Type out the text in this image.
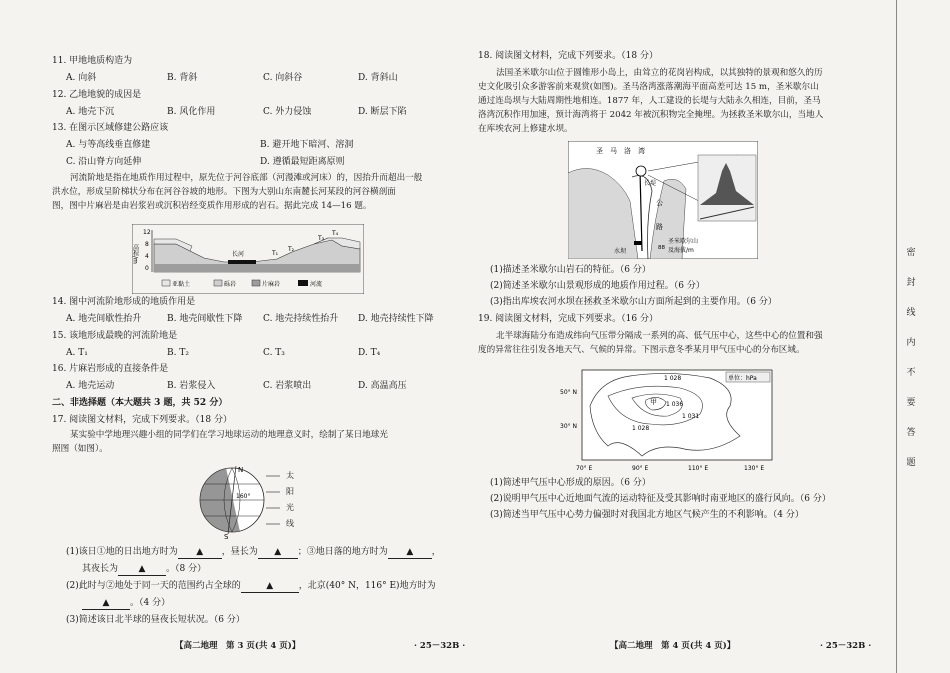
11. 甲地地质构造为
A. 向斜	B. 背斜	C. 向斜谷	D. 背斜山
12. 乙地地貌的成因是
A. 地壳下沉	B. 风化作用	C. 外力侵蚀	D. 断层下陷
13. 在图示区域修建公路应该
A. 与等高线垂直修建	B. 避开地下暗河、溶洞
C. 沿山脊方向延伸	D. 遵循最短距离原则
河流阶地是指在地质作用过程中，原先位于河谷底部（河漫滩或河床）的，因抬升而超出一般
洪水位，形成呈阶梯状分布在河谷谷坡的地形。下图为大别山东南麓长河某段的河谷横剖面
图，图中片麻岩是由岩浆岩或沉积岩经变质作用形成的岩石。据此完成 14—16 题。
12
8
4
0
高程/m	长河	T₁
T₂
T₃
T₄
亚黏土	砾岩	片麻岩	河流
14. 图中河流阶地形成的地质作用是
A. 地壳间歇性抬升	B. 地壳间歇性下降 C. 地壳持续性抬升 D. 地壳持续性下降
15. 该地形成最晚的河流阶地是
A. T₁	B. T₂	C. T₃	D. T₄
16. 片麻岩形成的直接条件是
A. 地壳运动	B. 岩浆侵入	C. 岩浆喷出	D. 高温高压
二、非选择题（本大题共 3 题，共 52 分）
17. 阅读图文材料，完成下列要求。（18 分）
某实验中学地理兴趣小组的同学们在学习地球运动的地理意义时，绘制了某日地球光
照图（如图）。
N
S
160°
太 阳 光 线
(1)该日①地的日出地方时为 ▲ ，昼长为 ▲ ；③地日落的地方时为 ▲ ，
其夜长为 ▲ 。（8 分）
(2)此时与②地处于同一天的范围约占全球的	▲	，北京(40° N，116° E)地方时为
▲ 。（4 分）
(3)简述该日北半球的昼夜长短状况。（6 分）
【高二地理　第 3 页(共 4 页)】	· 25－32B ·
18. 阅读图文材料，完成下列要求。（18 分）
法国圣米歇尔山位于圆锥形小岛上，由耸立的花岗岩构成，以其独特的景观和悠久的历
史文化吸引众多游客前来观赏(如图)。圣马洛湾涨落潮海平面高差可达 15 m，圣米歇尔山
通过连岛坝与大陆周期性地相连。1877 年，人工建设的长堤与大陆永久相连，目前，圣马
洛湾沉积作用加速，预计海湾将于 2042 年被沉积物完全掩埋。为拯救圣米歇尔山，当地人
在库埃农河上修建水坝。
圣　马　洛　湾
长堤
公
路
水坝
圣米歇尔山
及海拔/m
88
(1)描述圣米歇尔山岩石的特征。（6 分）
(2)简述圣米歇尔山景观形成的地质作用过程。（6 分）
(3)指出库埃农河水坝在拯救圣米歇尔山方面所起到的主要作用。（6 分）
19. 阅读图文材料，完成下列要求。（16 分）
北半球海陆分布造成纬向气压带分隔成一系列的高、低气压中心，这些中心的位置和强
度的异常往往引发各地天气、气候的异常。下图示意冬季某月甲气压中心的分布区域。
单位：hPa
1 028
1 036
1 031
1 028
甲
50° N
30° N
70° E	90° E	110° E	130° E
(1)简述甲气压中心形成的原因。（6 分）
(2)说明甲气压中心近地面气流的运动特征及受其影响时南亚地区的盛行风向。（6 分）
(3)简述当甲气压中心势力偏强时对我国北方地区气候产生的不利影响。（4 分）
【高二地理　第 4 页(共 4 页)】	· 25－32B ·
密
封
线
内
不
要
答
题
